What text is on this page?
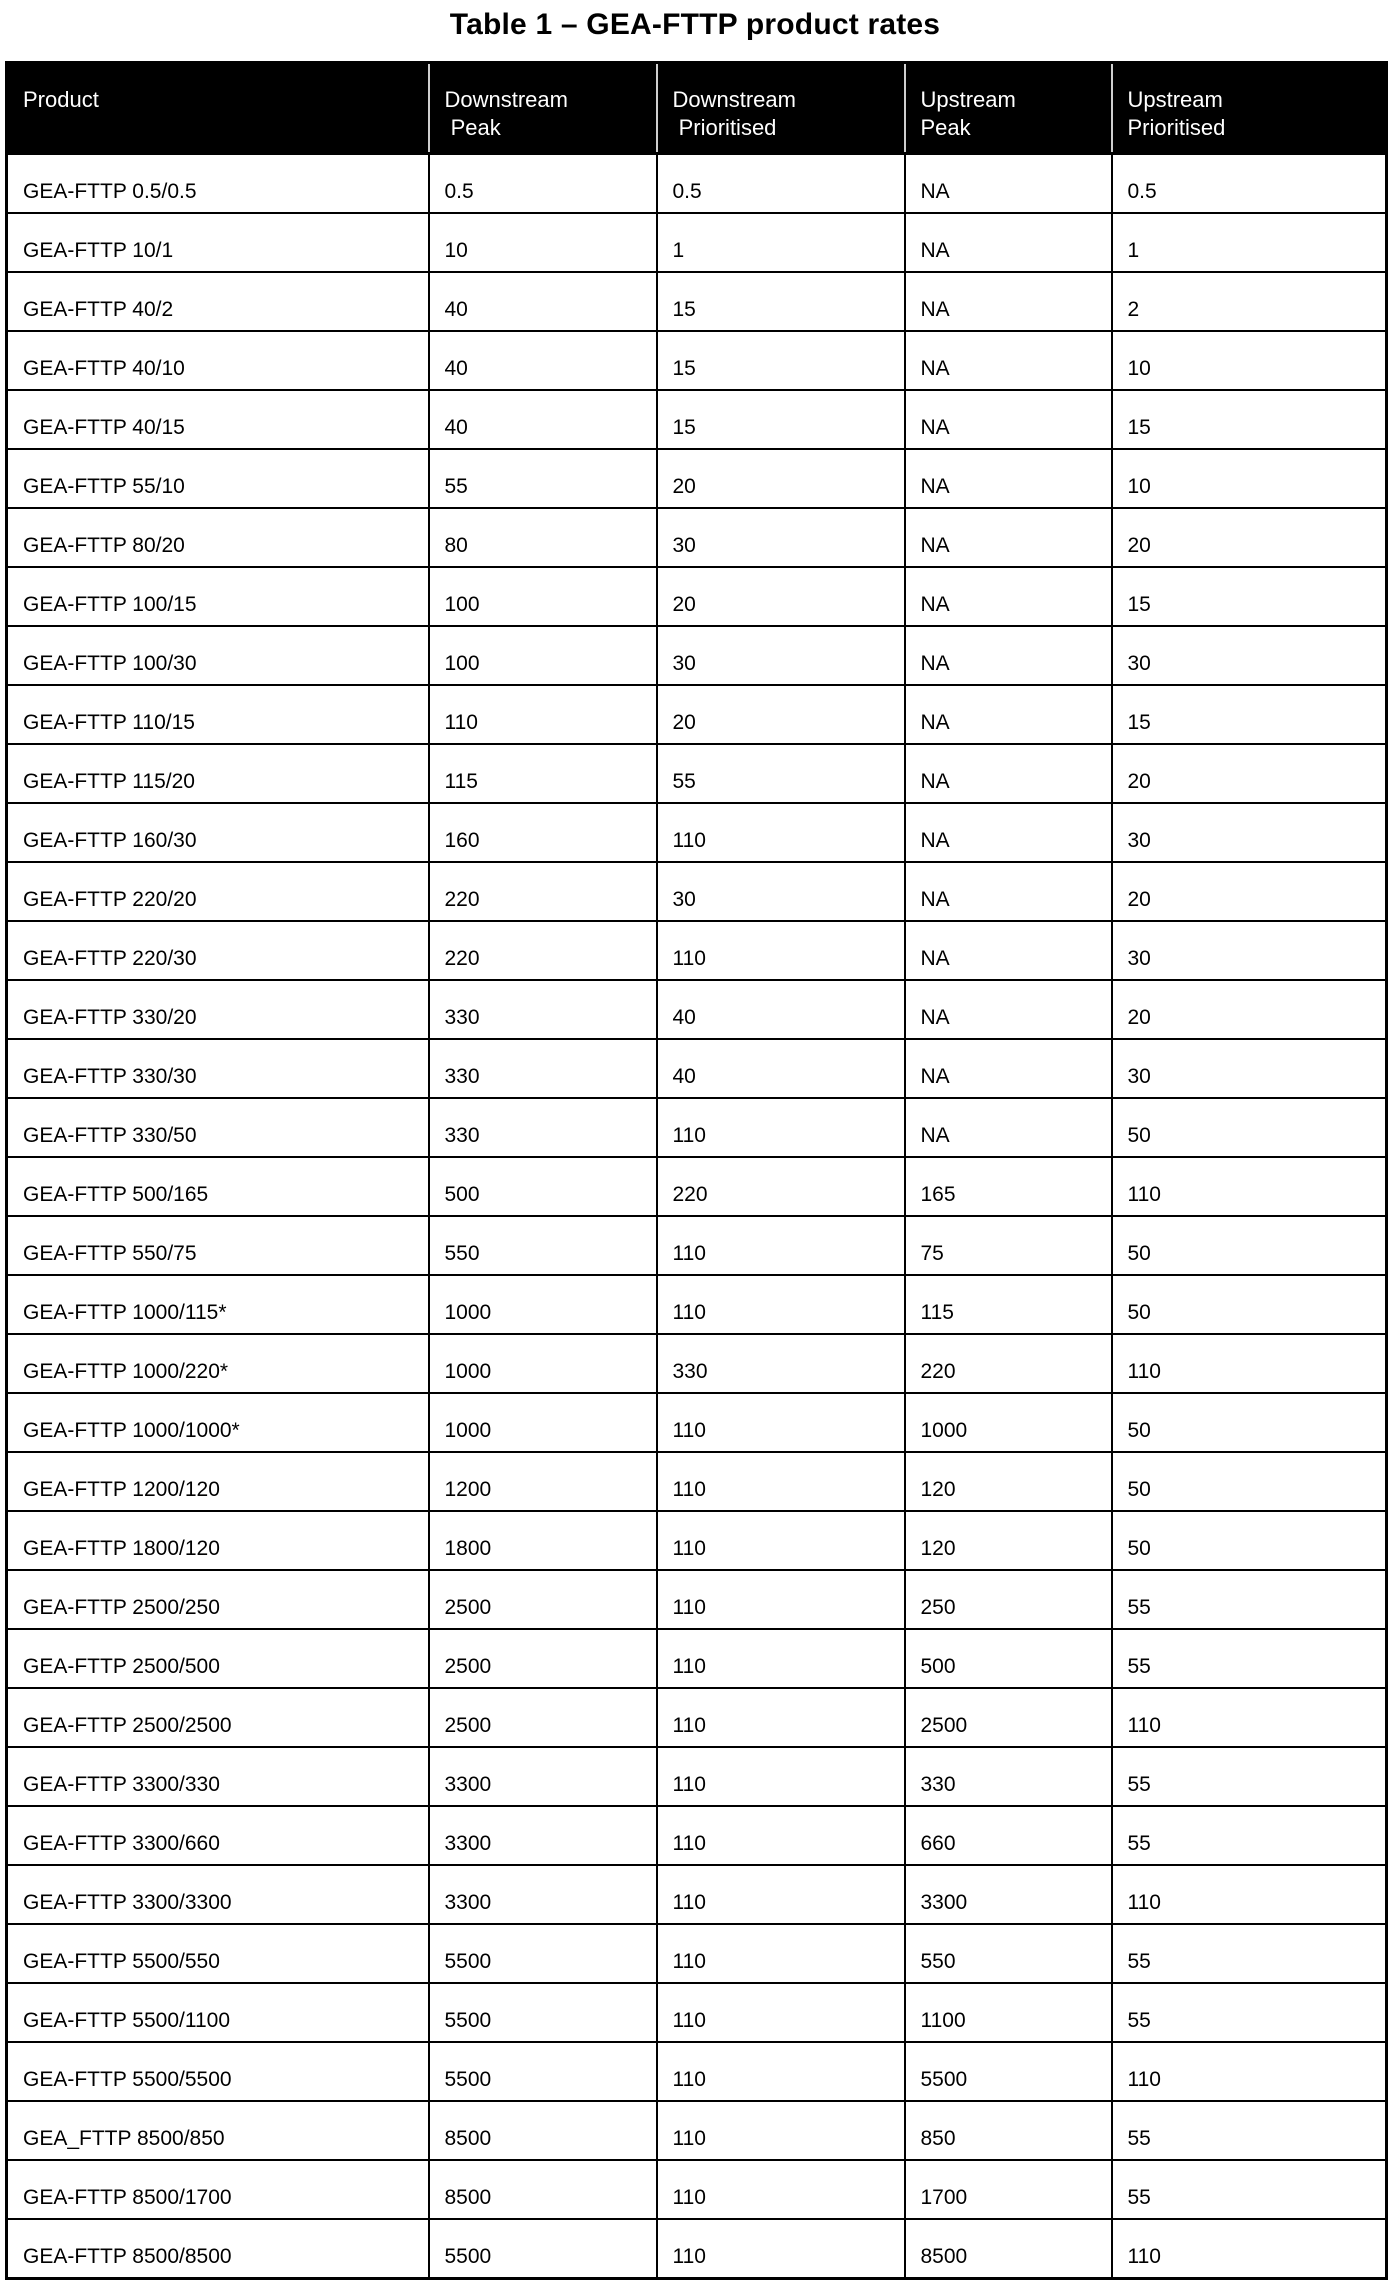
Table 1 – GEA-FTTP product rates
Product	Downstream
Peak	Downstream
Prioritised	Upstream
Peak	Upstream
Prioritised
GEA-FTTP 0.5/0.5	0.5	0.5	NA	0.5
GEA-FTTP 10/1	10	1	NA	1
GEA-FTTP 40/2	40	15	NA	2
GEA-FTTP 40/10	40	15	NA	10
GEA-FTTP 40/15	40	15	NA	15
GEA-FTTP 55/10	55	20	NA	10
GEA-FTTP 80/20	80	30	NA	20
GEA-FTTP 100/15	100	20	NA	15
GEA-FTTP 100/30	100	30	NA	30
GEA-FTTP 110/15	110	20	NA	15
GEA-FTTP 115/20	115	55	NA	20
GEA-FTTP 160/30	160	110	NA	30
GEA-FTTP 220/20	220	30	NA	20
GEA-FTTP 220/30	220	110	NA	30
GEA-FTTP 330/20	330	40	NA	20
GEA-FTTP 330/30	330	40	NA	30
GEA-FTTP 330/50	330	110	NA	50
GEA-FTTP 500/165	500	220	165	110
GEA-FTTP 550/75	550	110	75	50
GEA-FTTP 1000/115*	1000	110	115	50
GEA-FTTP 1000/220*	1000	330	220	110
GEA-FTTP 1000/1000*	1000	110	1000	50
GEA-FTTP 1200/120	1200	110	120	50
GEA-FTTP 1800/120	1800	110	120	50
GEA-FTTP 2500/250	2500	110	250	55
GEA-FTTP 2500/500	2500	110	500	55
GEA-FTTP 2500/2500	2500	110	2500	110
GEA-FTTP 3300/330	3300	110	330	55
GEA-FTTP 3300/660	3300	110	660	55
GEA-FTTP 3300/3300	3300	110	3300	110
GEA-FTTP 5500/550	5500	110	550	55
GEA-FTTP 5500/1100	5500	110	1100	55
GEA-FTTP 5500/5500	5500	110	5500	110
GEA_FTTP 8500/850	8500	110	850	55
GEA-FTTP 8500/1700	8500	110	1700	55
GEA-FTTP 8500/8500	5500	110	8500	110
